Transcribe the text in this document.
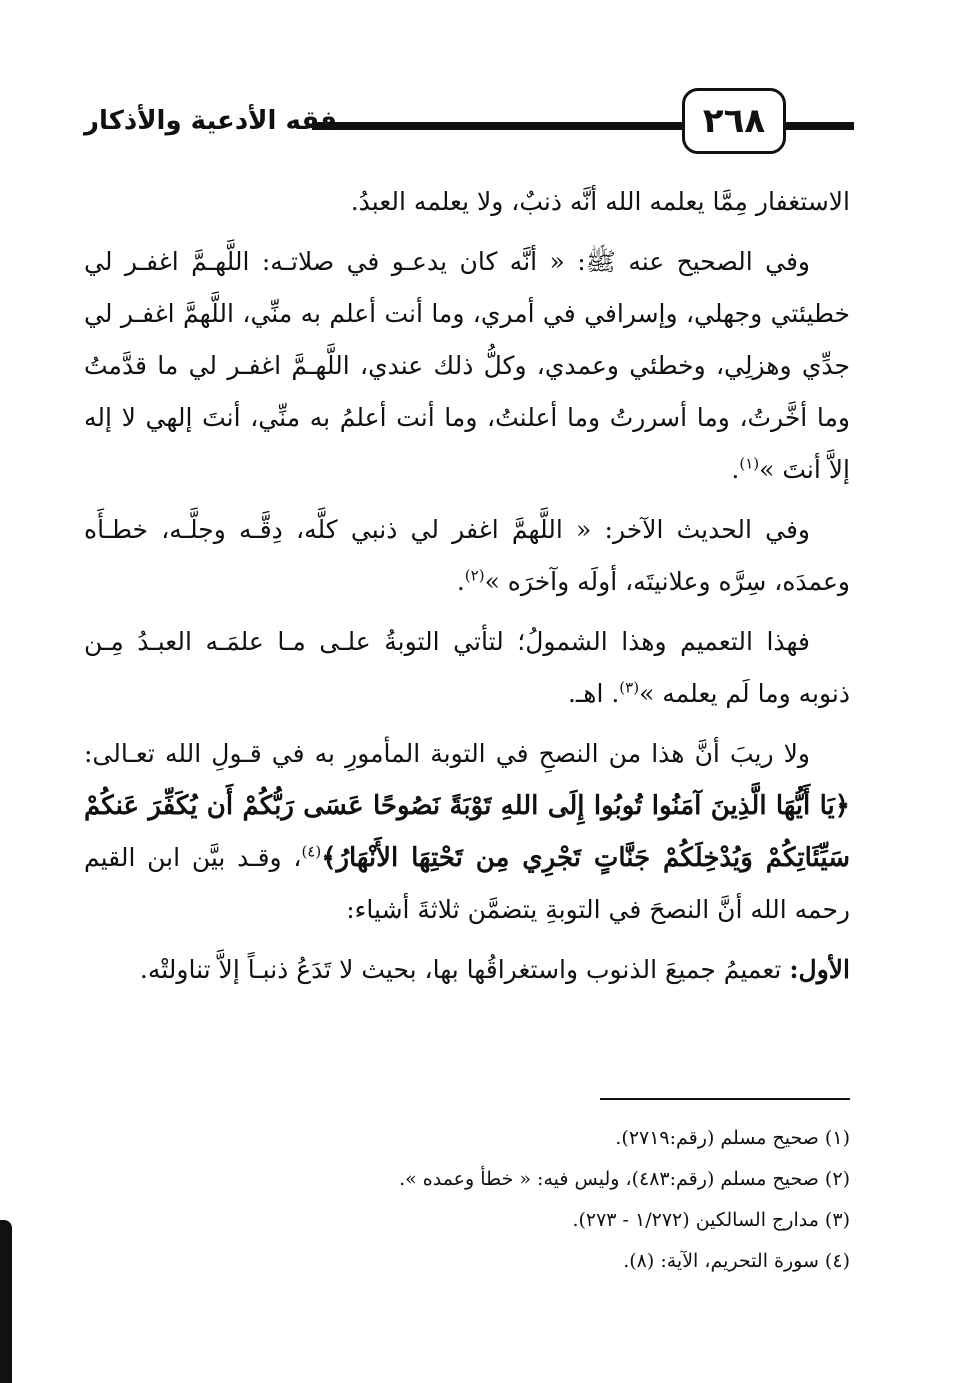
٢٦٨
فقه الأدعية والأذكار

الاستغفار مِمَّا يعلمه الله أنَّه ذنبٌ، ولا يعلمه العبدُ.

وفي الصحيح عنه ﷺ: « أنَّه كان يدعـو في صلاتـه: اللَّهـمَّ اغفـر لي خطيئتي وجهلي، وإسرافي في أمري، وما أنت أعلم به منِّي، اللَّهمَّ اغفـر لي جدِّي وهزلِي، وخطئي وعمدي، وكلُّ ذلك عندي، اللَّهـمَّ اغفـر لي ما قدَّمتُ وما أخَّرتُ، وما أسررتُ وما أعلنتُ، وما أنت أعلمُ به منِّي، أنتَ إلهي لا إله إلاَّ أنتَ »$^{(١)}$.

وفي الحديث الآخر: « اللَّهمَّ اغفر لي ذنبي كلَّه، دِقَّـه وجلَّـه، خطـأَه وعمدَه، سِرَّه وعلانيتَه، أولَه وآخرَه »$^{(٢)}$.

فهذا التعميم وهذا الشمولُ؛ لتأتي التوبةُ علـى مـا علمَـه العبـدُ مِـن ذنوبه وما لَم يعلمه »$^{(٣)}$. اهـ.

ولا ريبَ أنَّ هذا من النصحِ في التوبة المأمورِ به في قـولِ الله تعـالى: ﴿يَا أَيُّهَا الَّذِينَ آمَنُوا تُوبُوا إِلَى اللهِ تَوْبَةً نَصُوحًا عَسَى رَبُّكُمْ أَن يُكَفِّرَ عَنكُمْ سَيِّئَاتِكُمْ وَيُدْخِلَكُمْ جَنَّاتٍ تَجْرِي مِن تَحْتِهَا الأَنْهَارُ﴾$^{(٤)}$، وقـد بيَّن ابن القيم رحمه الله أنَّ النصحَ في التوبةِ يتضمَّن ثلاثةَ أشياء:

الأول: تعميمُ جميعَ الذنوب واستغراقُها بها، بحيث لا تَدَعُ ذنبـاً إلاَّ تناولتْه.

(١) صحيح مسلم (رقم:٢٧١٩).
(٢) صحيح مسلم (رقم:٤٨٣)، وليس فيه: « خطأ وعمده ».
(٣) مدارج السالكين (١/٢٧٢ - ٢٧٣).
(٤) سورة التحريم، الآية: (٨).
